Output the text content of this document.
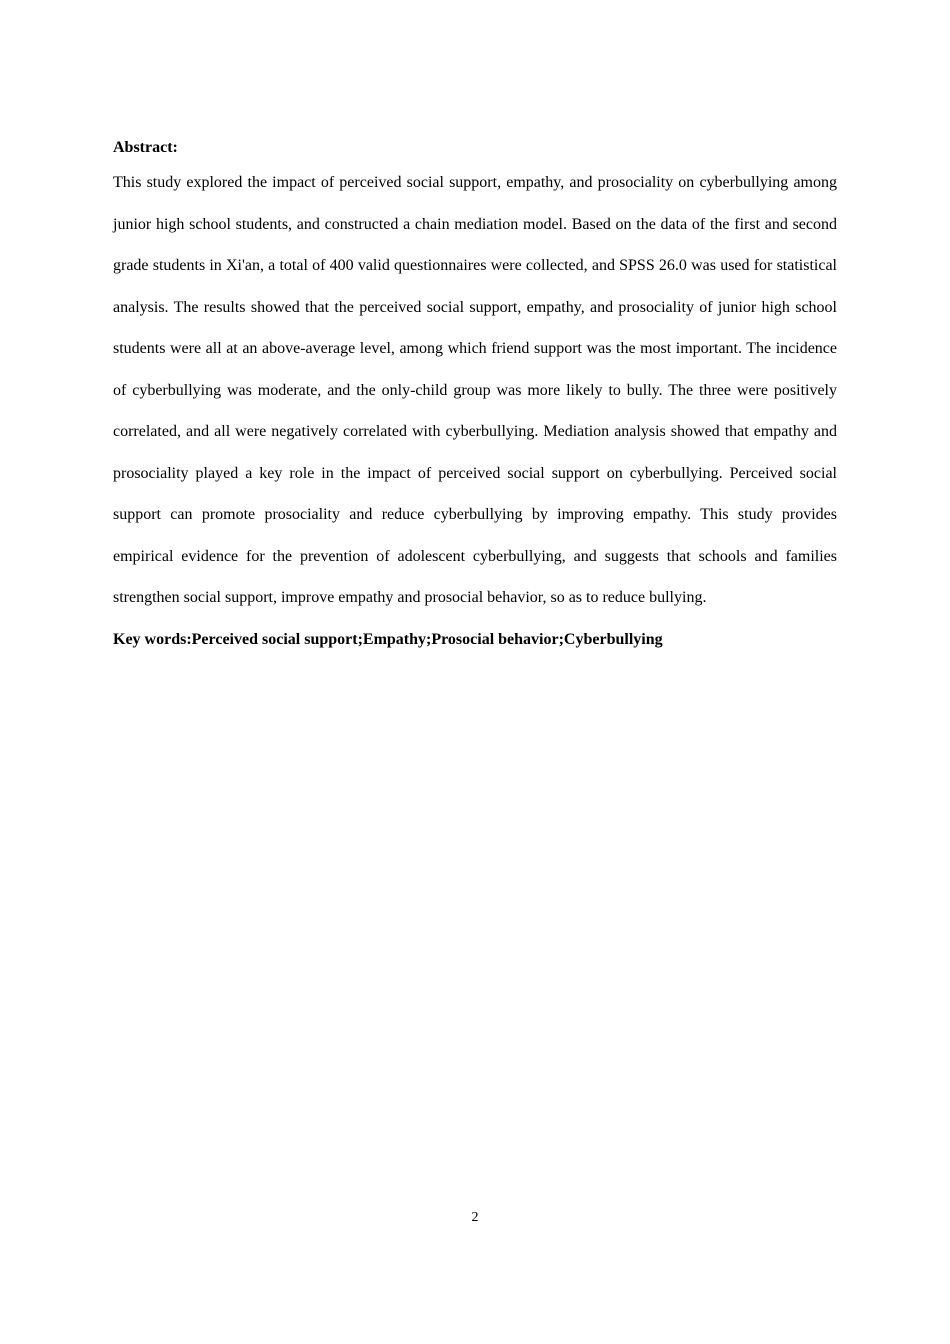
Abstract:

This study explored the impact of perceived social support, empathy, and prosociality on cyberbullying among junior high school students, and constructed a chain mediation model. Based on the data of the first and second grade students in Xi'an, a total of 400 valid questionnaires were collected, and SPSS 26.0 was used for statistical analysis. The results showed that the perceived social support, empathy, and prosociality of junior high school students were all at an above-average level, among which friend support was the most important. The incidence of cyberbullying was moderate, and the only-child group was more likely to bully. The three were positively correlated, and all were negatively correlated with cyberbullying. Mediation analysis showed that empathy and prosociality played a key role in the impact of perceived social support on cyberbullying. Perceived social support can promote prosociality and reduce cyberbullying by improving empathy. This study provides empirical evidence for the prevention of adolescent cyberbullying, and suggests that schools and families strengthen social support, improve empathy and prosocial behavior, so as to reduce bullying.

Key words:Perceived social support;Empathy;Prosocial behavior;Cyberbullying
2
